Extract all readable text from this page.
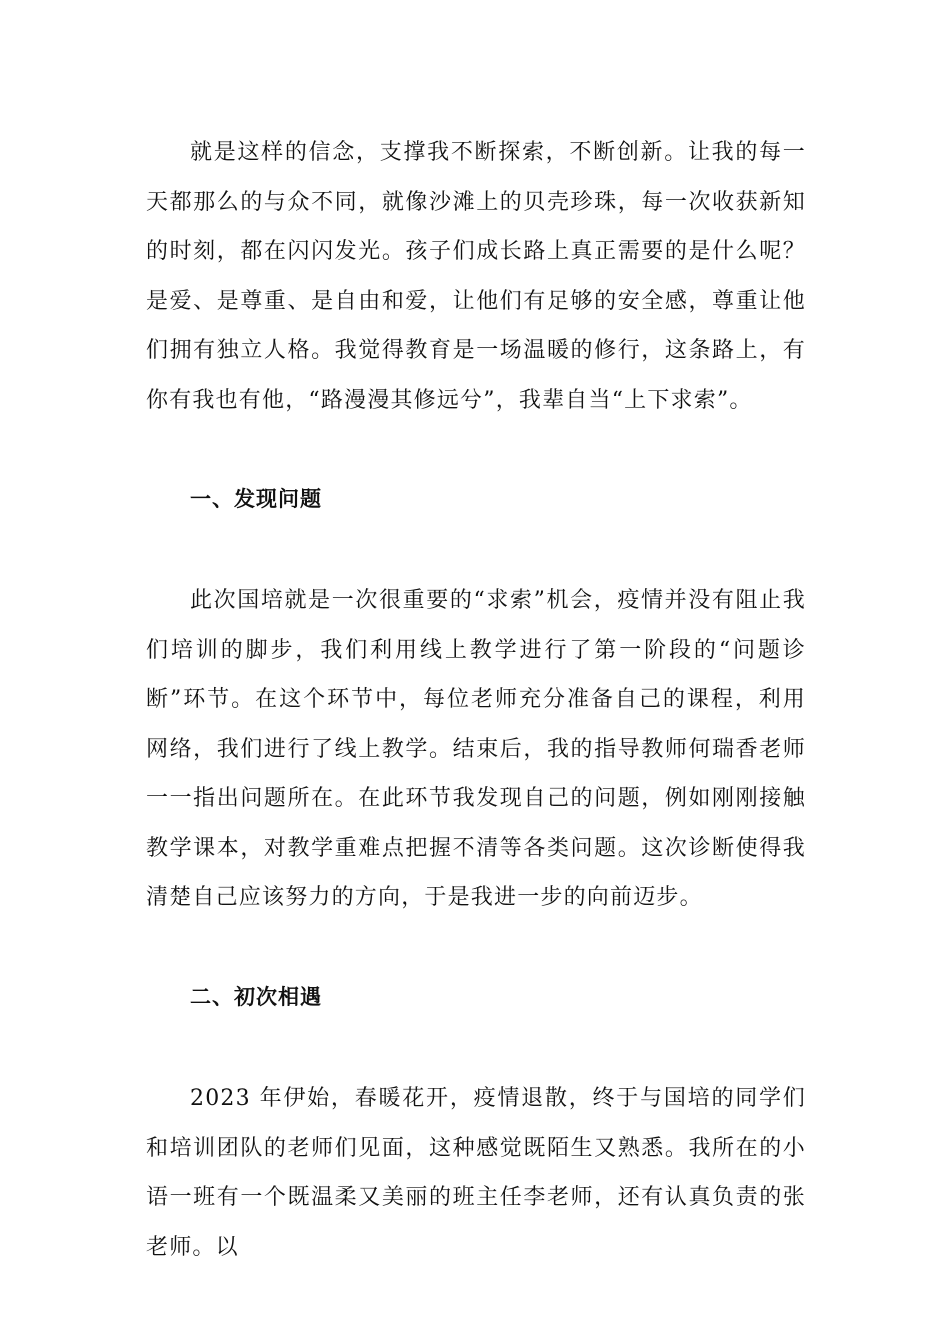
就是这样的信念，支撑我不断探索，不断创新。让我的每一天都那么的与众不同，就像沙滩上的贝壳珍珠，每一次收获新知的时刻，都在闪闪发光。孩子们成长路上真正需要的是什么呢？是爱、是尊重、是自由和爱，让他们有足够的安全感，尊重让他们拥有独立人格。我觉得教育是一场温暖的修行，这条路上，有你有我也有他，“路漫漫其修远兮”，我辈自当“上下求索”。

一、发现问题

此次国培就是一次很重要的“求索”机会，疫情并没有阻止我们培训的脚步，我们利用线上教学进行了第一阶段的“问题诊断”环节。在这个环节中，每位老师充分准备自己的课程，利用网络，我们进行了线上教学。结束后，我的指导教师何瑞香老师一一指出问题所在。在此环节我发现自己的问题，例如刚刚接触教学课本，对教学重难点把握不清等各类问题。这次诊断使得我清楚自己应该努力的方向，于是我进一步的向前迈步。

二、初次相遇

2023 年伊始，春暖花开，疫情退散，终于与国培的同学们和培训团队的老师们见面，这种感觉既陌生又熟悉。我所在的小语一班有一个既温柔又美丽的班主任李老师，还有认真负责的张老师。以
